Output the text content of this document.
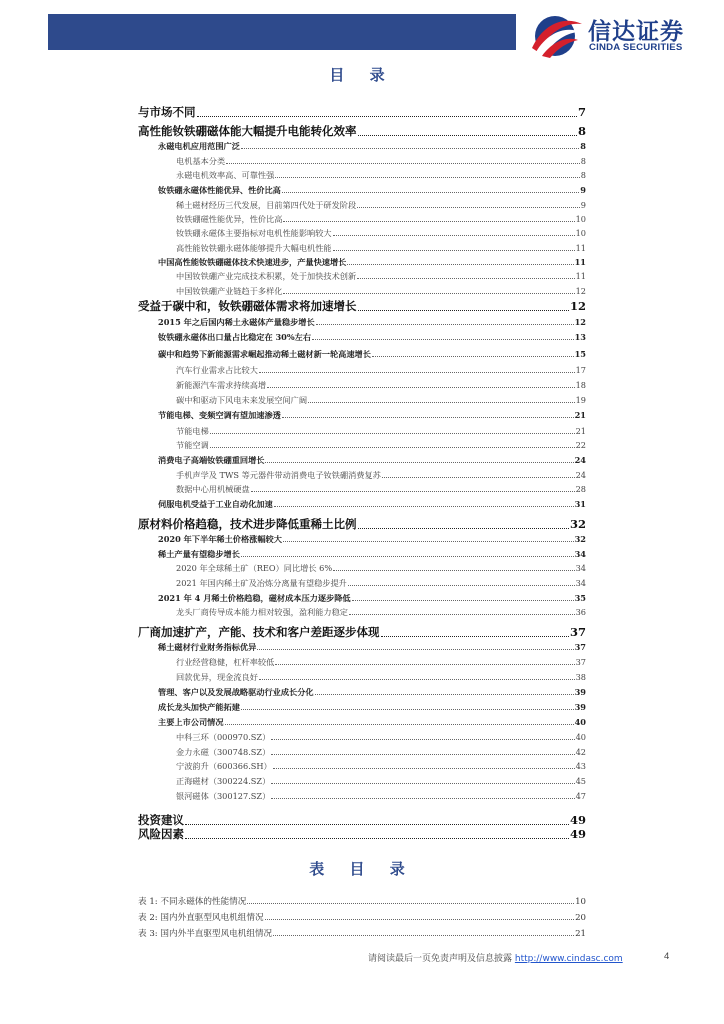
信达证券
CINDA SECURITIES
目 录
与市场不同	7
高性能钕铁硼磁体能大幅提升电能转化效率	8
永磁电机应用范围广泛	8
电机基本分类	8
永磁电机效率高、可靠性强	8
钕铁硼永磁体性能优异、性价比高	9
稀土磁材经历三代发展，目前第四代处于研发阶段	9
钕铁硼磁性能优异，性价比高	10
钕铁硼永磁体主要指标对电机性能影响较大	10
高性能钕铁硼永磁体能够提升大幅电机性能	11
中国高性能钕铁硼磁体技术快速进步，产量快速增长	11
中国钕铁硼产业完成技术积累，处于加快技术创新	11
中国钕铁硼产业链趋于多样化	12
受益于碳中和，钕铁硼磁体需求将加速增长	12
2015 年之后国内稀土永磁体产量稳步增长	12
钕铁硼永磁体出口量占比稳定在 30%左右	13
碳中和趋势下新能源需求崛起推动稀土磁材新一轮高速增长	15
汽车行业需求占比较大	17
新能源汽车需求持续高增	18
碳中和驱动下风电未来发展空间广阔	19
节能电梯、变频空调有望加速渗透	21
节能电梯	21
节能空调	22
消费电子高端钕铁硼重回增长	24
手机声学及 TWS 等元器件带动消费电子钕铁硼消费复苏	24
数据中心用机械硬盘	28
伺服电机受益于工业自动化加速	31
原材料价格趋稳，技术进步降低重稀土比例	32
2020 年下半年稀土价格涨幅较大	32
稀土产量有望稳步增长	34
2020 年全球稀土矿（REO）同比增长 6%	34
2021 年国内稀土矿及冶炼分离量有望稳步提升	34
2021 年 4 月稀土价格趋稳，磁材成本压力逐步降低	35
龙头厂商传导成本能力相对较强，盈利能力稳定	36
厂商加速扩产，产能、技术和客户差距逐步体现	37
稀土磁材行业财务指标优异	37
行业经营稳健，杠杆率较低	37
回款优异，现金流良好	38
管理、客户以及发展战略驱动行业成长分化	39
成长龙头加快产能拓建	39
主要上市公司情况	40
中科三环（000970.SZ）	40
金力永磁（300748.SZ）	42
宁波韵升（600366.SH）	43
正海磁材（300224.SZ）	45
银河磁体（300127.SZ）	47
投资建议	49
风险因素	49
表 目 录
表 1: 不同永磁体的性能情况	10
表 2: 国内外直驱型风电机组情况	20
表 3: 国内外半直驱型风电机组情况	21
请阅读最后一页免责声明及信息披露 http://www.cindasc.com	4
